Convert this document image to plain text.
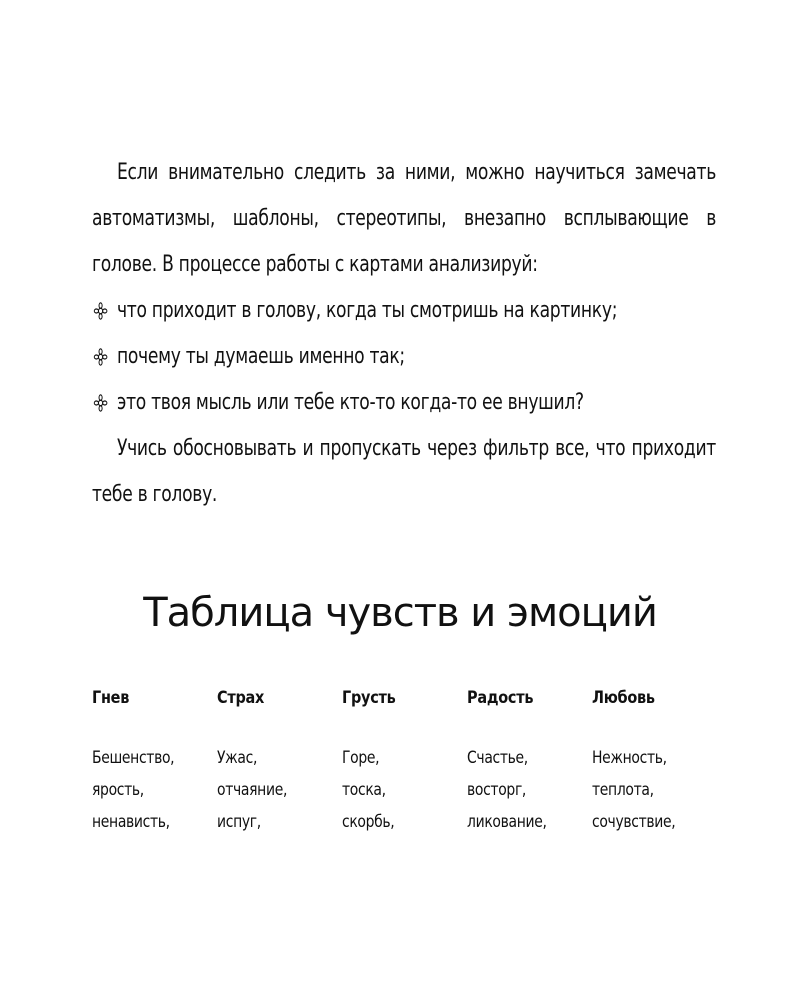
Если внимательно следить за ними, можно научиться замечать автоматизмы, шаблоны, стереотипы, внезапно всплывающие в голове. В процессе работы с картами анализируй:

что приходит в голову, когда ты смотришь на картинку;
почему ты думаешь именно так;
это твоя мысль или тебе кто-то когда-то ее внушил?

Учись обосновывать и пропускать через фильтр все, что приходит тебе в голову.

Таблица чувств и эмоций
Гнев
Бешенство,
ярость,
ненависть,
Страх
Ужас,
отчаяние,
испуг,
Грусть
Горе,
тоска,
скорбь,
Радость
Счастье,
восторг,
ликование,
Любовь
Нежность,
теплота,
сочувствие,
